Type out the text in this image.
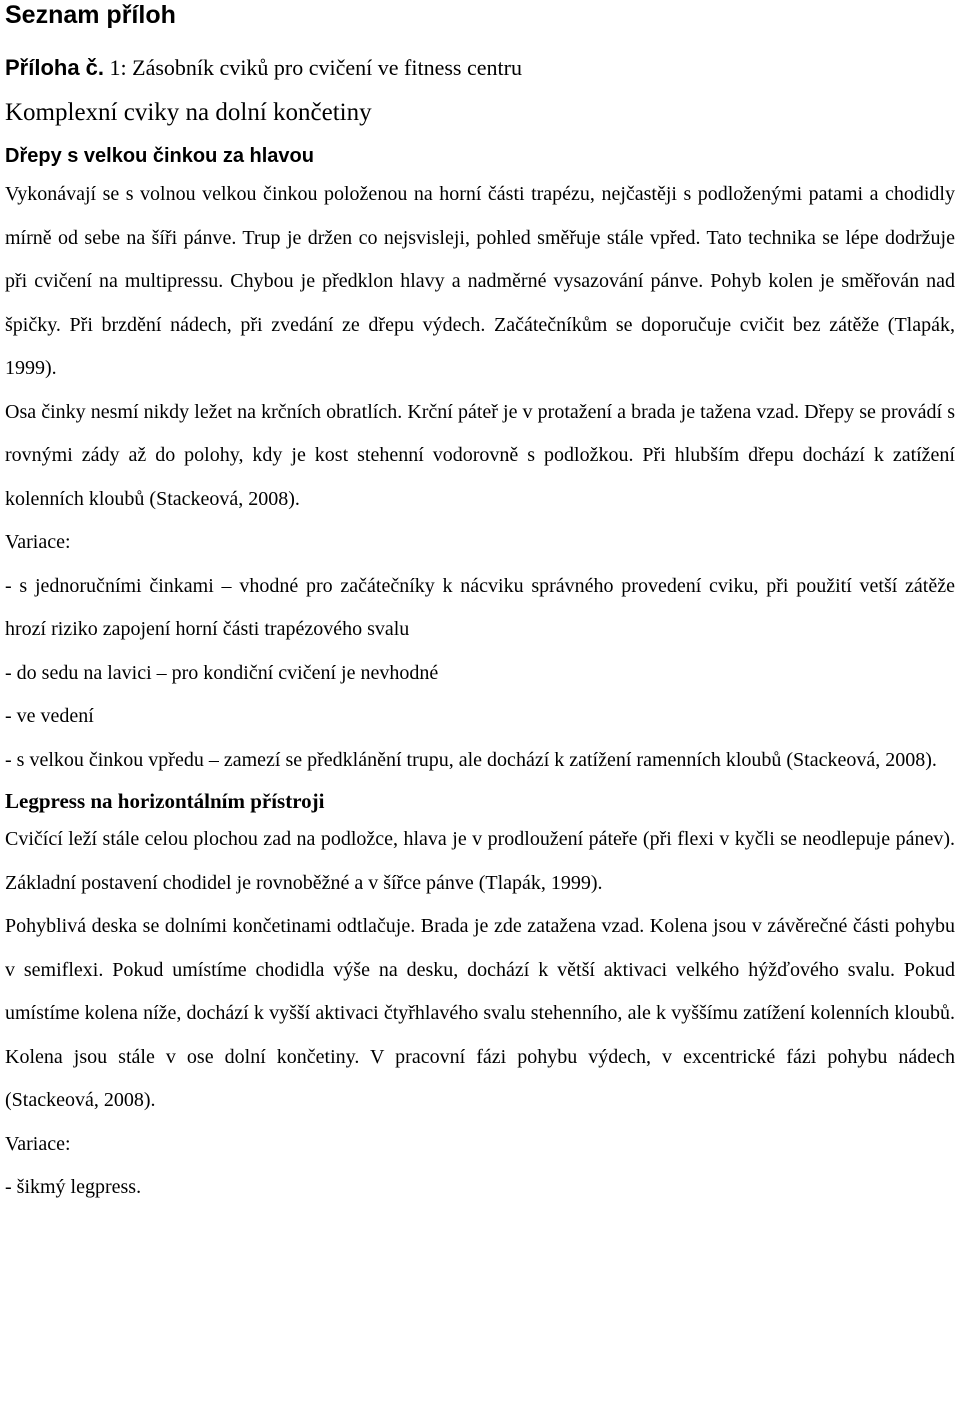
Seznam příloh
Příloha č. 1: Zásobník cviků pro cvičení ve fitness centru
Komplexní cviky na dolní končetiny
Dřepy s velkou činkou za hlavou

Vykonávají se s volnou velkou činkou položenou na horní části trapézu, nejčastěji s podloženými patami a chodidly mírně od sebe na šíři pánve. Trup je držen co nejsvisleji, pohled směřuje stále vpřed. Tato technika se lépe dodržuje při cvičení na multipressu. Chybou je předklon hlavy a nadměrné vysazování pánve. Pohyb kolen je směřován nad špičky. Při brzdění nádech, při zvedání ze dřepu výdech. Začátečníkům se doporučuje cvičit bez zátěže (Tlapák, 1999).

Osa činky nesmí nikdy ležet na krčních obratlích. Krční páteř je v protažení a brada je tažena vzad. Dřepy se provádí s rovnými zády až do polohy, kdy je kost stehenní vodorovně s podložkou. Při hlubším dřepu dochází k zatížení kolenních kloubů (Stackeová, 2008).

Variace:

- s jednoručními činkami – vhodné pro začátečníky k nácviku správného provedení cviku, při použití vetší zátěže hrozí riziko zapojení horní části trapézového svalu

- do sedu na lavici – pro kondiční cvičení je nevhodné

- ve vedení

- s velkou činkou vpředu – zamezí se předklánění trupu, ale dochází k zatížení ramenních kloubů (Stackeová, 2008).

Legpress na horizontálním přístroji

Cvičící leží stále celou plochou zad na podložce, hlava je v prodloužení páteře (při flexi v kyčli se neodlepuje pánev). Základní postavení chodidel je rovnoběžné a v šířce pánve (Tlapák, 1999).

Pohyblivá deska se dolními končetinami odtlačuje. Brada je zde zatažena vzad. Kolena jsou v závěrečné části pohybu v semiflexi. Pokud umístíme chodidla výše na desku, dochází k větší aktivaci velkého hýžďového svalu. Pokud umístíme kolena níže, dochází k vyšší aktivaci čtyřhlavého svalu stehenního, ale k vyššímu zatížení kolenních kloubů. Kolena jsou stále v ose dolní končetiny. V pracovní fázi pohybu výdech, v excentrické fázi pohybu nádech (Stackeová, 2008).

Variace:

- šikmý legpress.
